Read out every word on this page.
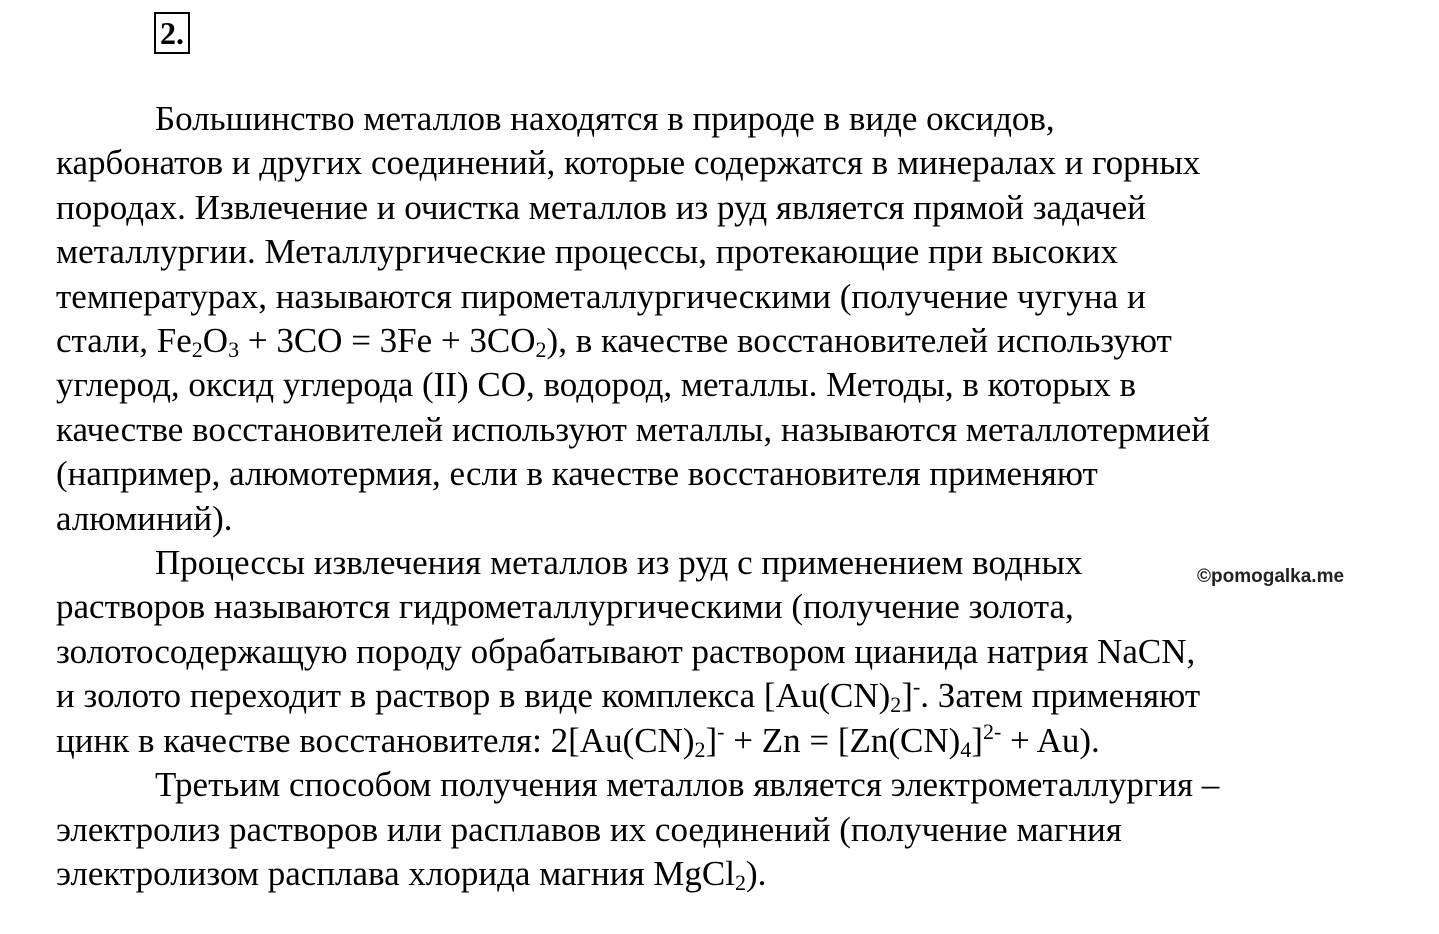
2.
Большинство металлов находятся в природе в виде оксидов,
карбонатов и других соединений, которые содержатся в минералах и горных
породах. Извлечение и очистка металлов из руд является прямой задачей
металлургии. Металлургические процессы, протекающие при высоких
температурах, называются пирометаллургическими (получение чугуна и
стали, $Fe_2O_3 + 3CO = 3Fe + 3CO_2$), в качестве восстановителей используют
углерод, оксид углерода (II) CO, водород, металлы. Методы, в которых в
качестве восстановителей используют металлы, называются металлотермией
(например, алюмотермия, если в качестве восстановителя применяют
алюминий).
Процессы извлечения металлов из руд с применением водных
растворов называются гидрометаллургическими (получение золота,
золотосодержащую породу обрабатывают раствором цианида натрия NaCN,
и золото переходит в раствор в виде комплекса $[Au(CN)_2]^-$. Затем применяют
цинк в качестве восстановителя: $2[Au(CN)_2]^- + Zn = [Zn(CN)_4]^{2-} + Au$).
Третьим способом получения металлов является электрометаллургия –
электролиз растворов или расплавов их соединений (получение магния
электролизом расплава хлорида магния MgCl$_2$).
©pomogalka.me
